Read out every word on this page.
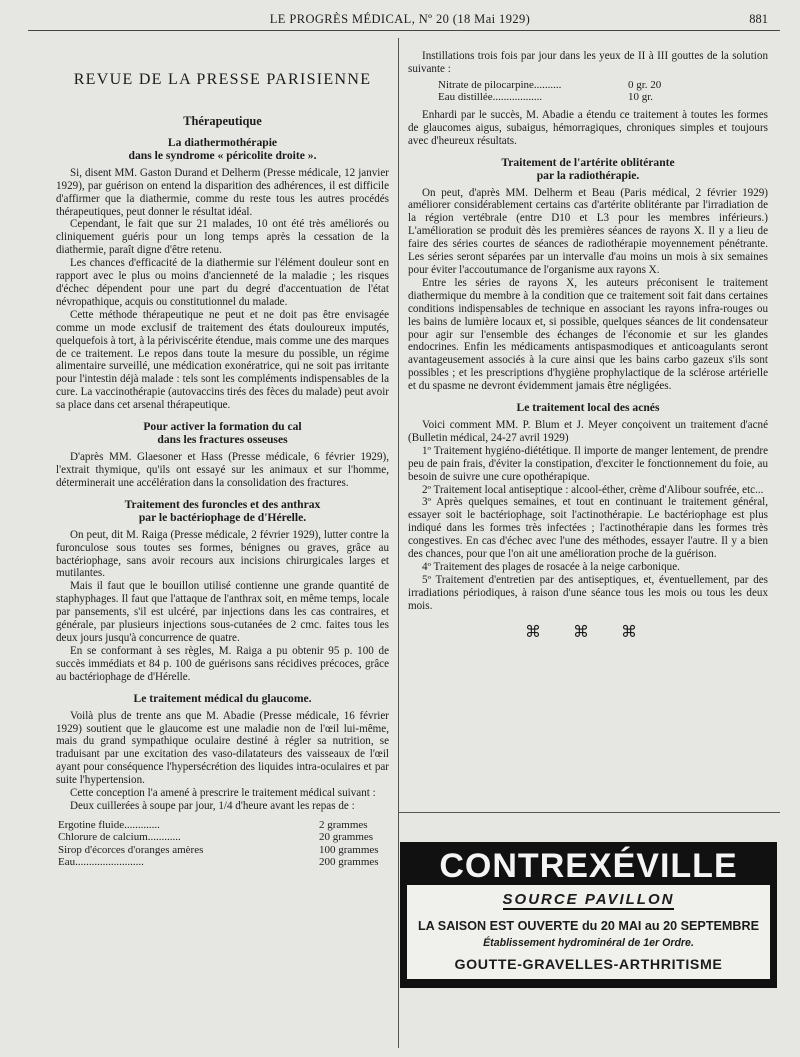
LE PROGRÈS MÉDICAL, Nº 20 (18 Mai 1929)	881
REVUE DE LA PRESSE PARISIENNE
Thérapeutique
La diathermothérapie
dans le syndrome « péricolite droite ».

Si, disent MM. Gaston Durand et Delherm (Presse médicale, 12 janvier 1929), par guérison on entend la disparition des adhérences, il est difficile d'affirmer que la diathermie, comme du reste tous les autres procédés thérapeutiques, peut donner le résultat idéal.

Cependant, le fait que sur 21 malades, 10 ont été très améliorés ou cliniquement guéris pour un long temps après la cessation de la diathermie, paraît digne d'être retenu.

Les chances d'efficacité de la diathermie sur l'élément douleur sont en rapport avec le plus ou moins d'ancienneté de la maladie ; les risques d'échec dépendent pour une part du degré d'accentuation de l'état névropathique, acquis ou constitutionnel du malade.

Cette méthode thérapeutique ne peut et ne doit pas être envisagée comme un mode exclusif de traitement des états douloureux imputés, quelquefois à tort, à la périviscérite étendue, mais comme une des marques de ce traitement. Le repos dans toute la mesure du possible, un régime alimentaire surveillé, une médication exonératrice, qui ne soit pas irritante pour l'intestin déjà malade : tels sont les compléments indispensables de la cure. La vaccinothérapie (autovaccins tirés des fèces du malade) peut avoir sa place dans cet arsenal thérapeutique.

Pour activer la formation du cal
dans les fractures osseuses

D'après MM. Glaesoner et Hass (Presse médicale, 6 février 1929), l'extrait thymique, qu'ils ont essayé sur les animaux et sur l'homme, déterminerait une accélération dans la consolidation des fractures.

Traitement des furoncles et des anthrax
par le bactériophage de d'Hérelle.

On peut, dit M. Raiga (Presse médicale, 2 février 1929), lutter contre la furonculose sous toutes ses formes, bénignes ou graves, grâce au bactériophage, sans avoir recours aux incisions chirurgicales larges et mutilantes.

Mais il faut que le bouillon utilisé contienne une grande quantité de staphyphages. Il faut que l'attaque de l'anthrax soit, en même temps, locale par pansements, s'il est ulcéré, par injections dans les cas contraires, et générale, par plusieurs injections sous-cutanées de 2 cmc. faites tous les deux jours jusqu'à concurrence de quatre.

En se conformant à ses règles, M. Raiga a pu obtenir 95 p. 100 de succès immédiats et 84 p. 100 de guérisons sans récidives précoces, grâce au bactériophage de d'Hérelle.

Le traitement médical du glaucome.

Voilà plus de trente ans que M. Abadie (Presse médicale, 16 février 1929) soutient que le glaucome est une maladie non de l'œil lui-même, mais du grand sympathique oculaire destiné à régler sa nutrition, se traduisant par une excitation des vaso-dilatateurs des vaisseaux de l'œil ayant pour conséquence l'hypersécrétion des liquides intra-oculaires et par suite l'hypertension.

Cette conception l'a amené à prescrire le traitement médical suivant :

Deux cuillerées à soupe par jour, 1/4 d'heure avant les repas de :

Ergotine fluide.............	2 grammes
Chlorure de calcium............	20 grammes
Sirop d'écorces d'oranges amères	100 grammes
Eau.........................	200 grammes

Instillations trois fois par jour dans les yeux de II à III gouttes de la solution suivante :

Nitrate de pilocarpine..........	0 gr. 20
Eau distillée..................	10 gr.

Enhardi par le succès, M. Abadie a étendu ce traitement à toutes les formes de glaucomes aigus, subaigus, hémorragiques, chroniques simples et toujours avec d'heureux résultats.

Traitement de l'artérite oblitérante
par la radiothérapie.

On peut, d'après MM. Delherm et Beau (Paris médical, 2 février 1929) améliorer considérablement certains cas d'artérite oblitérante par l'irradiation de la région vertébrale (entre D10 et L3 pour les membres inférieurs.) L'amélioration se produit dès les premières séances de rayons X. Il y a lieu de faire des séries courtes de séances de radiothérapie moyennement pénétrante. Les séries seront séparées par un intervalle d'au moins un mois à six semaines pour éviter l'accoutumance de l'organisme aux rayons X.

Entre les séries de rayons X, les auteurs préconisent le traitement diathermique du membre à la condition que ce traitement soit fait dans certaines conditions indispensables de technique en associant les rayons infra-rouges ou les bains de lumière locaux et, si possible, quelques séances de lit condensateur pour agir sur l'ensemble des échanges de l'économie et sur les glandes endocrines. Enfin les médicaments antispasmodiques et anticoagulants seront avantageusement associés à la cure ainsi que les bains carbo gazeux s'ils sont possibles ; et les prescriptions d'hygiène prophylactique de la sclérose artérielle et du spasme ne devront évidemment jamais être négligées.

Le traitement local des acnés

Voici comment MM. P. Blum et J. Meyer conçoivent un traitement d'acné (Bulletin médical, 24-27 avril 1929)

1º Traitement hygiéno-diététique. Il importe de manger lentement, de prendre peu de pain frais, d'éviter la constipation, d'exciter le fonctionnement du foie, au besoin de suivre une cure opothérapique.

2º Traitement local antiseptique : alcool-éther, crème d'Alibour soufrée, etc...

3º Après quelques semaines, et tout en continuant le traitement général, essayer soit le bactériophage, soit l'actinothérapie. Le bactériophage est plus indiqué dans les formes très infectées ; l'actinothérapie dans les formes très congestives. En cas d'échec avec l'une des méthodes, essayer l'autre. Il y a bien des chances, pour que l'on ait une amélioration proche de la guérison.

4º Traitement des plages de rosacée à la neige carbonique.

5º Traitement d'entretien par des antiseptiques, et, éventuellement, par des irradiations périodiques, à raison d'une séance tous les mois ou tous les deux mois.

⌘ ⌘ ⌘
CONTREXÉVILLE
SOURCE PAVILLON
LA SAISON EST OUVERTE du 20 MAI au 20 SEPTEMBRE
Établissement hydrominéral de 1er Ordre.
GOUTTE-GRAVELLES-ARTHRITISME
